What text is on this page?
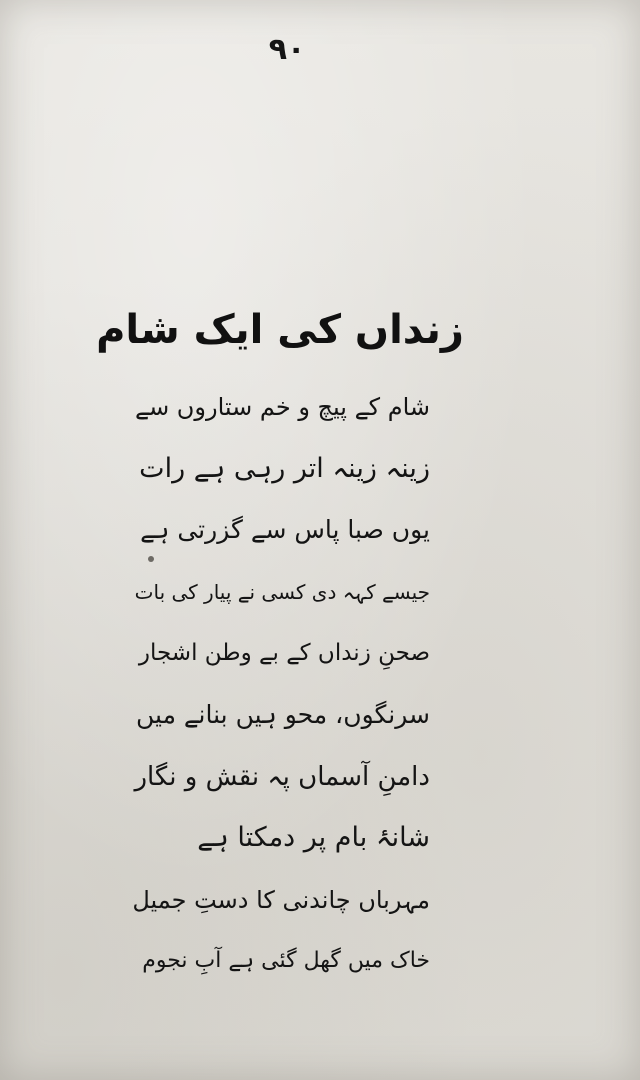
۹۰
زنداں کی ایک شام
شام کے پیچ و خم ستاروں سے
زینہ زینہ اتر رہی ہے رات
یوں صبا پاس سے گزرتی ہے
جیسے کہہ دی کسی نے پیار کی بات
صحنِ زنداں کے بے وطن اشجار
سرنگوں، محو ہیں بنانے میں
دامنِ آسماں پہ نقش و نگار
شانۂ بام پر دمکتا ہے
مہرباں چاندنی کا دستِ جمیل
خاک میں گھل گئی ہے آبِ نجوم
